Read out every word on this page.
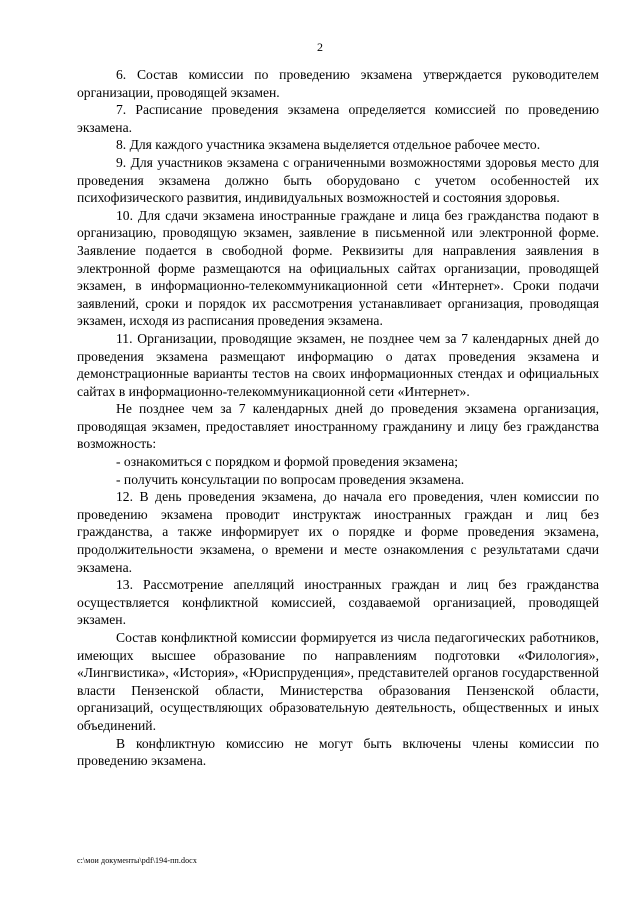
2

6. Состав комиссии по проведению экзамена утверждается руководителем организации, проводящей экзамен.

7. Расписание проведения экзамена определяется комиссией по проведению экзамена.

8. Для каждого участника экзамена выделяется отдельное рабочее место.

9. Для участников экзамена с ограниченными возможностями здоровья место для проведения экзамена должно быть оборудовано с учетом особенностей их психофизического развития, индивидуальных возможностей и состояния здоровья.

10. Для сдачи экзамена иностранные граждане и лица без гражданства подают в организацию, проводящую экзамен, заявление в письменной или электронной форме. Заявление подается в свободной форме. Реквизиты для направления заявления в электронной форме размещаются на официальных сайтах организации, проводящей экзамен, в информационно-телекоммуникационной сети «Интернет». Сроки подачи заявлений, сроки и порядок их рассмотрения устанавливает организация, проводящая экзамен, исходя из расписания проведения экзамена.

11. Организации, проводящие экзамен, не позднее чем за 7 календарных дней до проведения экзамена размещают информацию о датах проведения экзамена и демонстрационные варианты тестов на своих информационных стендах и официальных сайтах в информационно-телекоммуникационной сети «Интернет».

Не позднее чем за 7 календарных дней до проведения экзамена организация, проводящая экзамен, предоставляет иностранному гражданину и лицу без гражданства возможность:

- ознакомиться с порядком и формой проведения экзамена;

- получить консультации по вопросам проведения экзамена.

12. В день проведения экзамена, до начала его проведения, член комиссии по проведению экзамена проводит инструктаж иностранных граждан и лиц без гражданства, а также информирует их о порядке и форме проведения экзамена, продолжительности экзамена, о времени и месте ознакомления с результатами сдачи экзамена.

13. Рассмотрение апелляций иностранных граждан и лиц без гражданства осуществляется конфликтной комиссией, создаваемой организацией, проводящей экзамен.

Состав конфликтной комиссии формируется из числа педагогических работников, имеющих высшее образование по направлениям подготовки «Филология», «Лингвистика», «История», «Юриспруденция», представителей органов государственной власти Пензенской области, Министерства образования Пензенской области, организаций, осуществляющих образовательную деятельность, общественных и иных объединений.

В конфликтную комиссию не могут быть включены члены комиссии по проведению экзамена.

c:\мои документы\pdf\194-пп.docx
